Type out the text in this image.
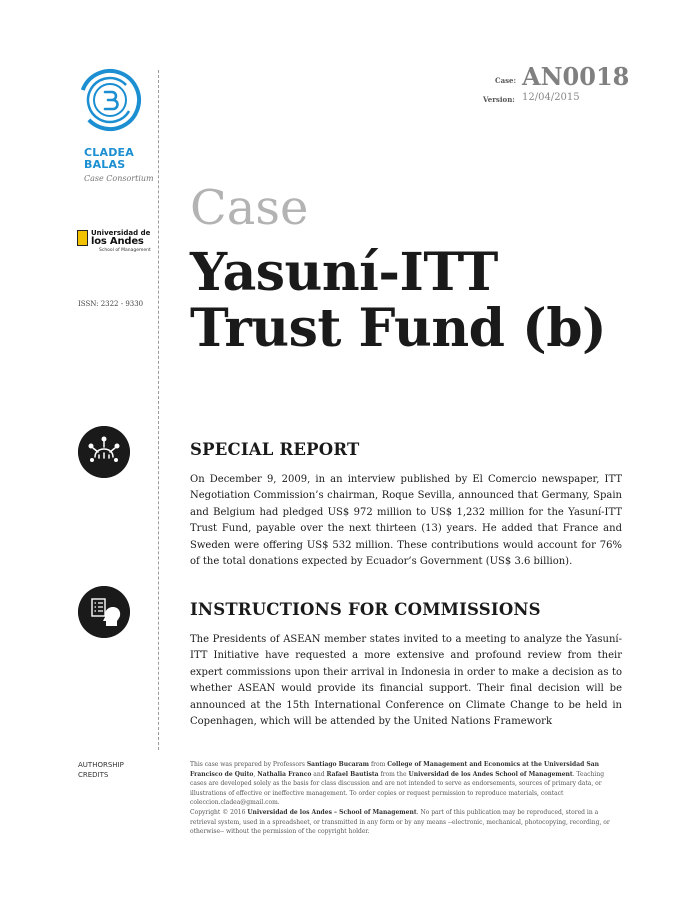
CLADEA
BALAS
Case Consortium
Universidad de
los Andes
School of Management
ISSN: 2322 - 9330
Case: AN0018
Version: 12/04/2015
Case
Yasuní-ITT
Trust Fund (b)
SPECIAL REPORT

On December 9, 2009, in an interview published by El Comercio newspaper, ITT Negotiation Commission’s chairman, Roque Sevilla, announced that Germany, Spain and Belgium had pledged US$ 972 million to US$ 1,232 million for the Yasuní-ITT Trust Fund, payable over the next thirteen (13) years. He added that France and Sweden were offering US$ 532 million. These contributions would account for 76% of the total donations expected by Ecuador’s Government (US$ 3.6 billion).

INSTRUCTIONS FOR COMMISSIONS

The Presidents of ASEAN member states invited to a meeting to analyze the Yasuní-ITT Initiative have requested a more extensive and profound review from their expert commissions upon their arrival in Indonesia in order to make a decision as to whether ASEAN would provide its financial support. Their final decision will be announced at the 15th International Conference on Climate Change to be held in Copenhagen, which will be attended by the United Nations Framework

AUTHORSHIP
CREDITS

This case was prepared by Professors Santiago Bucaram from College of Management and Economics at the Universidad San Francisco de Quito, Nathalia Franco and Rafael Bautista from the Universidad de los Andes School of Management. Teaching cases are developed solely as the basis for class discussion and are not intended to serve as endorsements, sources of primary data, or illustrations of effective or ineffective management. To order copies or request permission to reproduce materials, contact coleccion.cladea@gmail.com.

Copyright © 2016 Universidad de los Andes – School of Management. No part of this publication may be reproduced, stored in a retrieval system, used in a spreadsheet, or transmitted in any form or by any means --electronic, mechanical, photocopying, recording, or otherwise-- without the permission of the copyright holder.
